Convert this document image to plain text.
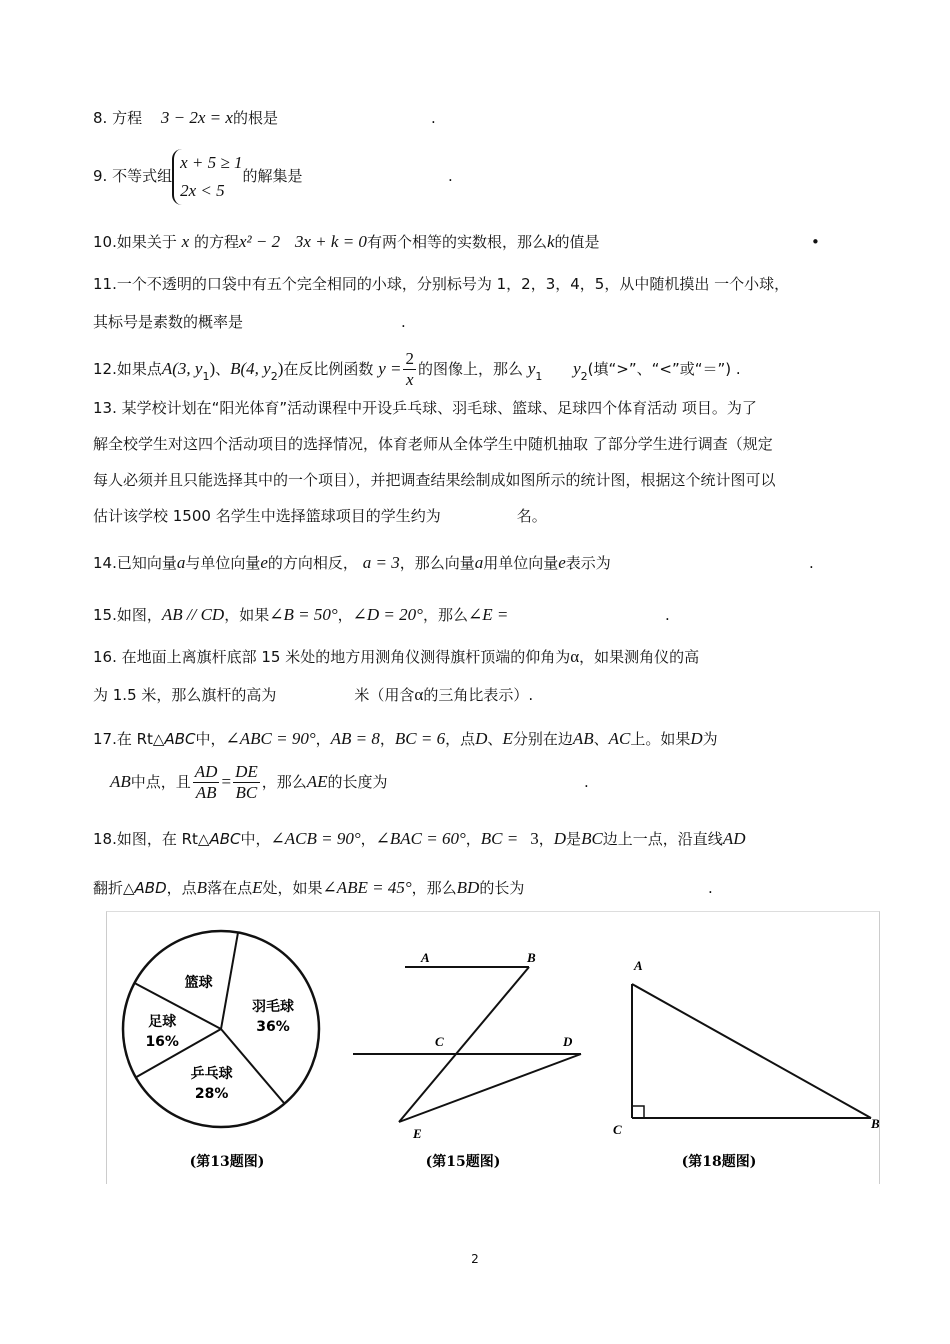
8. 方程 3 − 2x = x的根是	.
9. 不等式组
x + 5 ≥ 1
2x < 5
的解集是	.
10.如果关于 x 的方程x² − 2 3x + k = 0有两个相等的实数根，那么k的值是	•
11.一个不透明的口袋中有五个完全相同的小球，分别标号为 1，2，3，4，5，从中随机摸出 一个小球，
其标号是素数的概率是	.
12.如果点A(3, $y_1$)、B(4, $y_2$)在反比例函数 $y = \frac{2}{x}$ 的图像上，那么 $y_1$ $y_2$(填“>”、“<”或“＝”) .
13. 某学校计划在“阳光体育”活动课程中开设乒乓球、羽毛球、篮球、足球四个体育活动 项目。为了
解全校学生对这四个活动项目的选择情况，体育老师从全体学生中随机抽取 了部分学生进行调查（规定
每人必须并且只能选择其中的一个项目），并把调查结果绘制成如图所示的统计图，根据这个统计图可以
估计该学校 1500 名学生中选择篮球项目的学生约为	名。
14.已知向量a与单位向量e的方向相反， a = 3，那么向量a用单位向量e表示为	.
15.如图，AB // CD，如果∠B = 50°，∠D = 20°，那么∠E =	.
16. 在地面上离旗杆底部 15 米处的地方用测角仪测得旗杆顶端的仰角为α，如果测角仪的高
为 1.5 米，那么旗杆的高为	米（用含α的三角比表示）.
17.在 Rt△ABC中，∠ABC = 90°，AB = 8，BC = 6，点D、E分别在边AB、AC上。如果D为
AB中点，且 $\frac{AD}{AB} = \frac{DE}{BC}$ ，那么AE的长度为	.
18.如图，在 Rt△ABC中，∠ACB = 90°，∠BAC = 60°，BC = 3，D是BC边上一点，沿直线AD
翻折△ABD，点B落在点E处，如果∠ABE = 45°，那么BD的长为	.
篮球
羽毛球
36%
乒乓球
28%
足球
16%
(第13题图)
A	B
C	D
E
(第15题图)
A
C	B
(第18题图)
2
